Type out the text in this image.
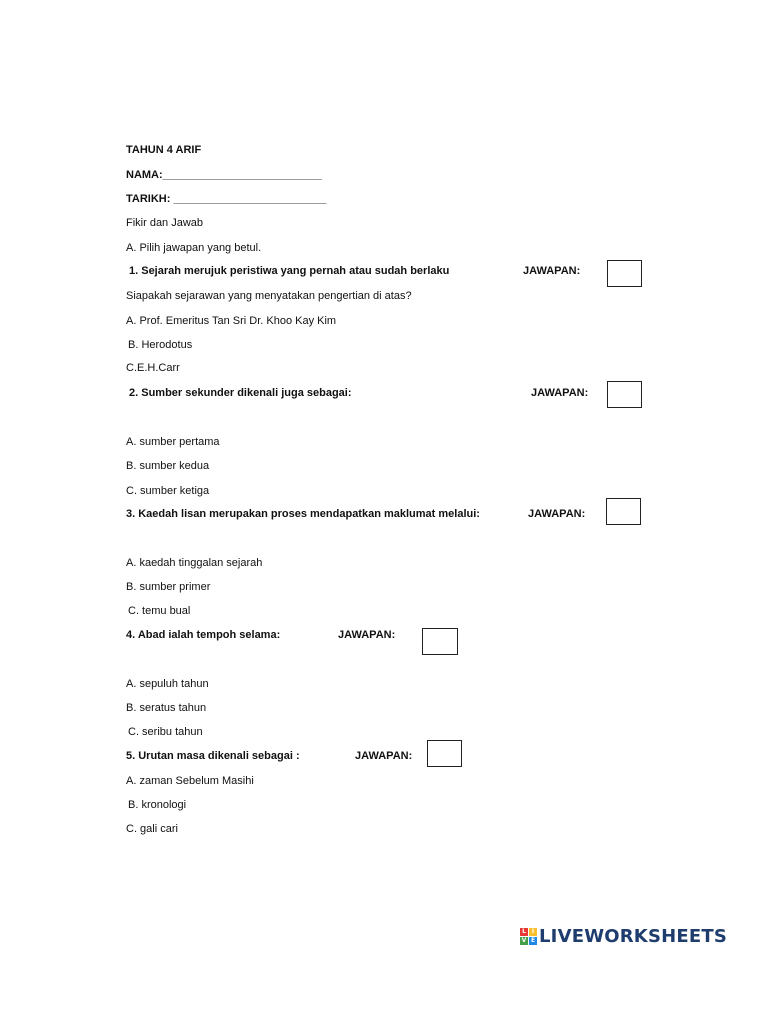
TAHUN 4 ARIF
NAMA:__________________________
TARIKH: _________________________
Fikir dan Jawab
A. Pilih jawapan yang betul.
1. Sejarah merujuk peristiwa yang pernah atau sudah berlaku	JAWAPAN:
Siapakah sejarawan yang menyatakan pengertian di atas?
A. Prof. Emeritus Tan Sri Dr. Khoo Kay Kim
B. Herodotus
C.E.H.Carr
2. Sumber sekunder dikenali juga sebagai:	JAWAPAN:
A. sumber pertama
B. sumber kedua
C. sumber ketiga
3. Kaedah lisan merupakan proses mendapatkan maklumat melalui:	JAWAPAN:
A. kaedah tinggalan sejarah
B. sumber primer
C. temu bual
4. Abad ialah tempoh selama:	JAWAPAN:
A. sepuluh tahun
B. seratus tahun
C. seribu tahun
5. Urutan masa dikenali sebagai :	JAWAPAN:
A. zaman Sebelum Masihi
B. kronologi
C. gali cari
L I
V E LIVEWORKSHEETS
